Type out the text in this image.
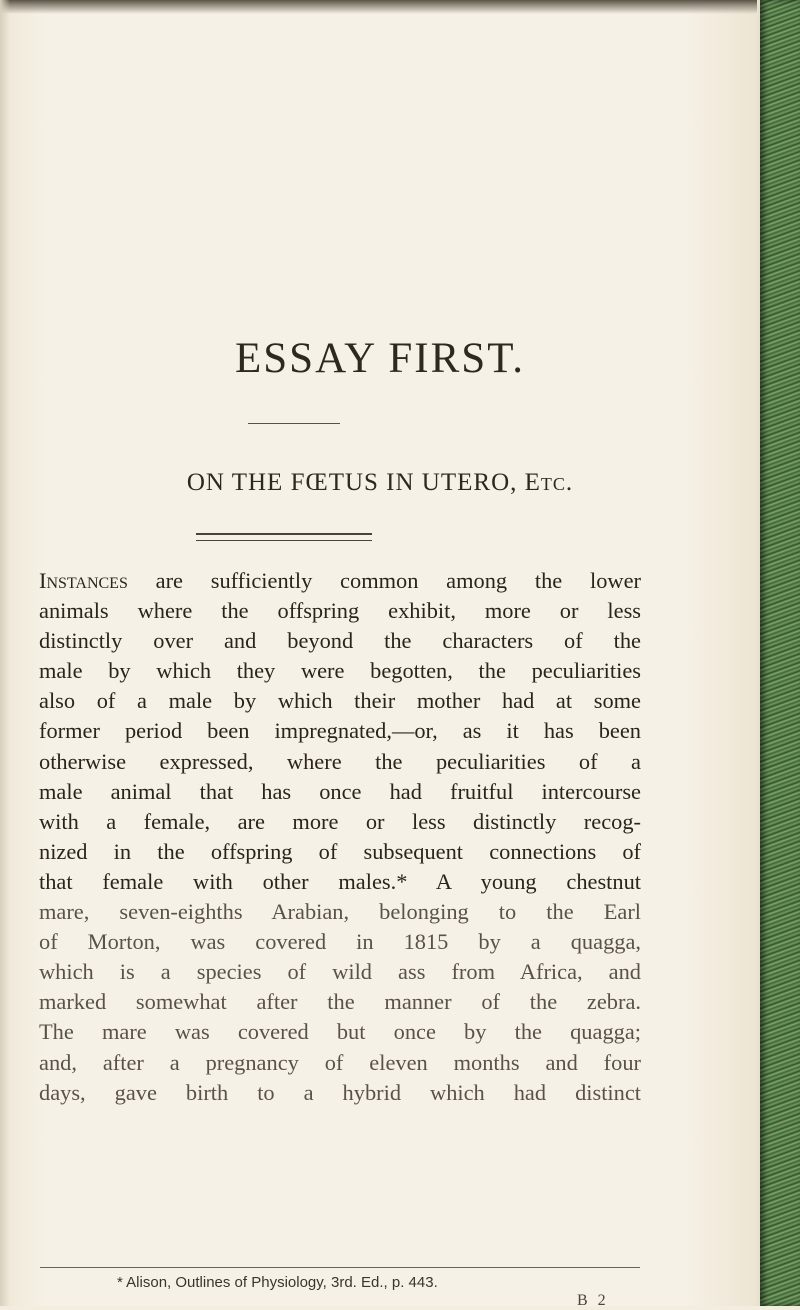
ESSAY FIRST.
ON THE FŒTUS IN UTERO, Etc.
Instances are sufficiently common among the lower
animals where the offspring exhibit, more or less
distinctly over and beyond the characters of the
male by which they were begotten, the peculiarities
also of a male by which their mother had at some
former period been impregnated,—or, as it has been
otherwise expressed, where the peculiarities of a
male animal that has once had fruitful intercourse
with a female, are more or less distinctly recog-
nized in the offspring of subsequent connections of
that female with other males.* A young chestnut
mare, seven-eighths Arabian, belonging to the Earl
of Morton, was covered in 1815 by a quagga,
which is a species of wild ass from Africa, and
marked somewhat after the manner of the zebra.
The mare was covered but once by the quagga;
and, after a pregnancy of eleven months and four
days, gave birth to a hybrid which had distinct
* Alison, Outlines of Physiology, 3rd. Ed., p. 443.
B 2
